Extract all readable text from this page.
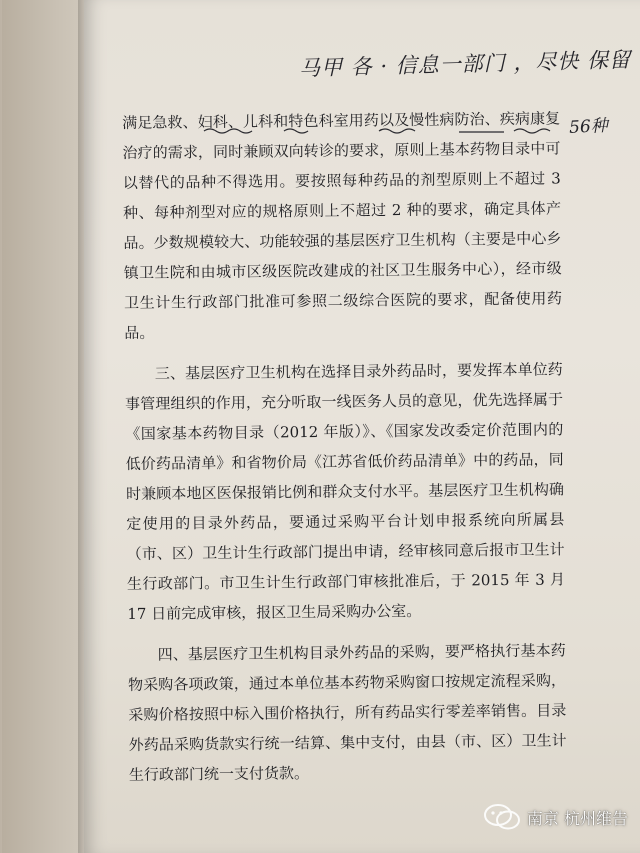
马甲 各 · 信息一部门 ，尽快 保留
56种

满足急救、妇科、儿科和特色科室用药以及慢性病防治、疾病康复治疗的需求，同时兼顾双向转诊的要求，原则上基本药物目录中可以替代的品种不得选用。要按照每种药品的剂型原则上不超过 3 种、每种剂型对应的规格原则上不超过 2 种的要求，确定具体产品。少数规模较大、功能较强的基层医疗卫生机构（主要是中心乡镇卫生院和由城市区级医院改建成的社区卫生服务中心），经市级卫生计生行政部门批准可参照二级综合医院的要求，配备使用药品。

三、基层医疗卫生机构在选择目录外药品时，要发挥本单位药事管理组织的作用，充分听取一线医务人员的意见，优先选择属于《国家基本药物目录（2012 年版）》、《国家发改委定价范围内的低价药品清单》和省物价局《江苏省低价药品清单》中的药品，同时兼顾本地区医保报销比例和群众支付水平。基层医疗卫生机构确定使用的目录外药品，要通过采购平台计划申报系统向所属县（市、区）卫生计生行政部门提出申请，经审核同意后报市卫生计生行政部门。市卫生计生行政部门审核批准后，于 2015 年 3 月 17 日前完成审核，报区卫生局采购办公室。

四、基层医疗卫生机构目录外药品的采购，要严格执行基本药物采购各项政策，通过本单位基本药物采购窗口按规定流程采购，采购价格按照中标入围价格执行，所有药品实行零差率销售。目录外药品采购货款实行统一结算、集中支付，由县（市、区）卫生计生行政部门统一支付货款。

南京 杭州维告
